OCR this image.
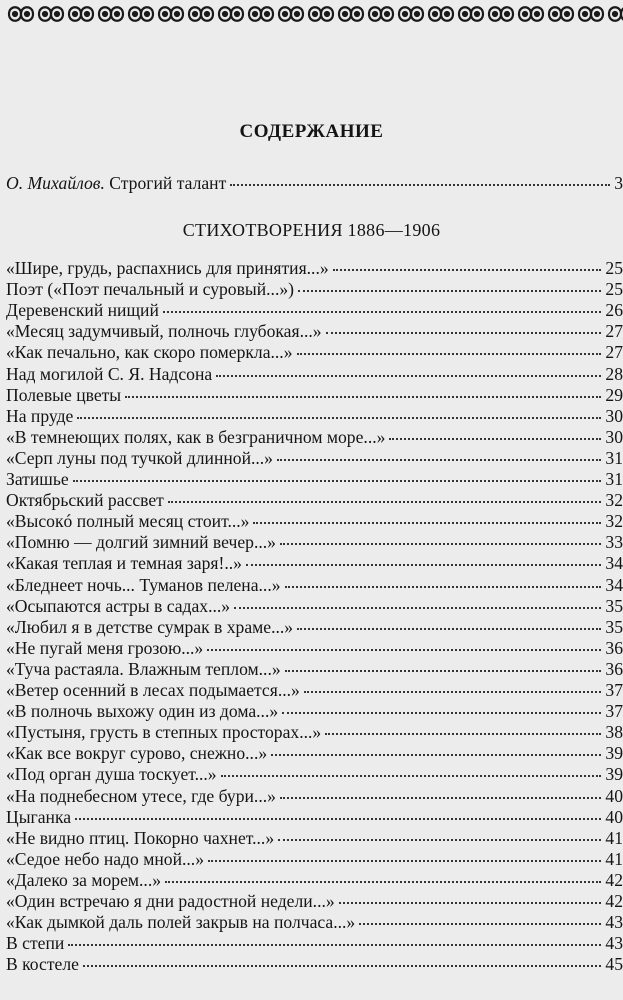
СОДЕРЖАНИЕ
О. Михайлов. Строгий талант	3
СТИХОТВОРЕНИЯ 1886—1906
«Шире, грудь, распахнись для принятия...»	25
Поэт («Поэт печальный и суровый...»)	25
Деревенский нищий	26
«Месяц задумчивый, полночь глубокая...»	27
«Как печально, как скоро померкла...»	27
Над могилой С. Я. Надсона	28
Полевые цветы	29
На пруде	30
«В темнеющих полях, как в безграничном море...»	30
«Серп луны под тучкой длинной...»	31
Затишье	31
Октябрьский рассвет	32
«Высокó полный месяц стоит...»	32
«Помню — долгий зимний вечер...»	33
«Какая теплая и темная заря!..»	34
«Бледнеет ночь... Туманов пелена...»	34
«Осыпаются астры в садах...»	35
«Любил я в детстве сумрак в храме...»	35
«Не пугай меня грозою...»	36
«Туча растаяла. Влажным теплом...»	36
«Ветер осенний в лесах подымается...»	37
«В полночь выхожу один из дома...»	37
«Пустыня, грусть в степных просторах...»	38
«Как все вокруг сурово, снежно...»	39
«Под орган душа тоскует...»	39
«На поднебесном утесе, где бури...»	40
Цыганка	40
«Не видно птиц. Покорно чахнет...»	41
«Седое небо надо мной...»	41
«Далеко за морем...»	42
«Один встречаю я дни радостной недели...»	42
«Как дымкой даль полей закрыв на полчаса...»	43
В степи	43
В костеле	45
